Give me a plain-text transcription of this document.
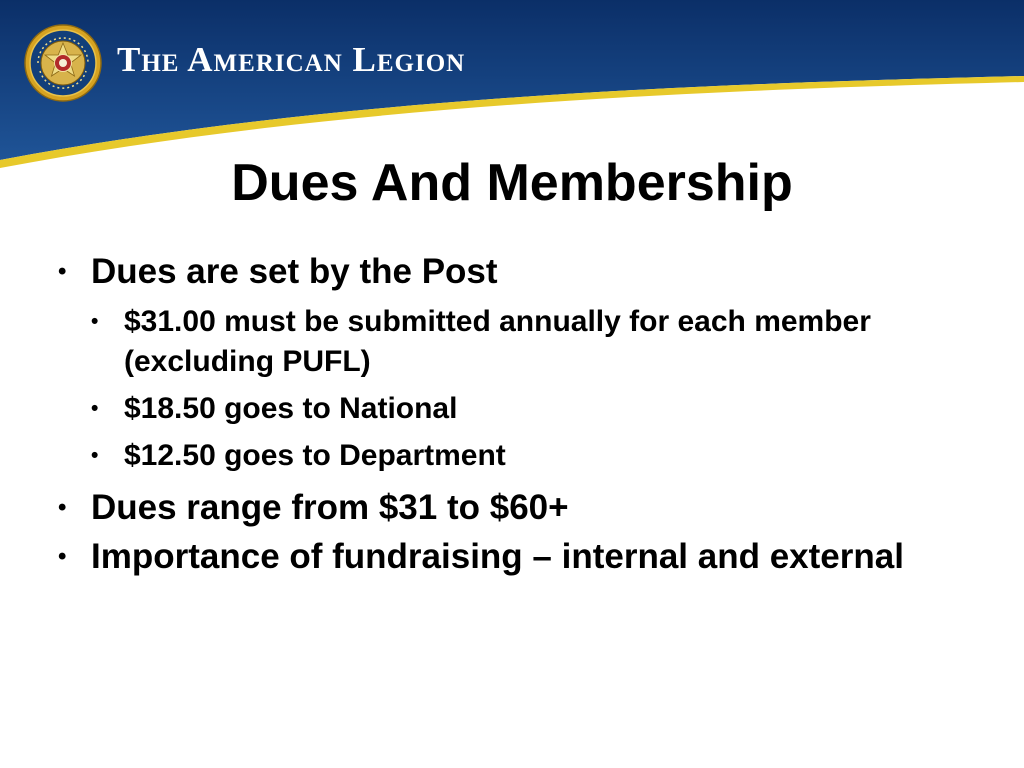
The American Legion
Dues And Membership
• Dues are set by the Post
• $31.00 must be submitted annually for each member (excluding PUFL)
• $18.50 goes to National
• $12.50 goes to Department
• Dues range from $31 to $60+
• Importance of fundraising – internal and external
